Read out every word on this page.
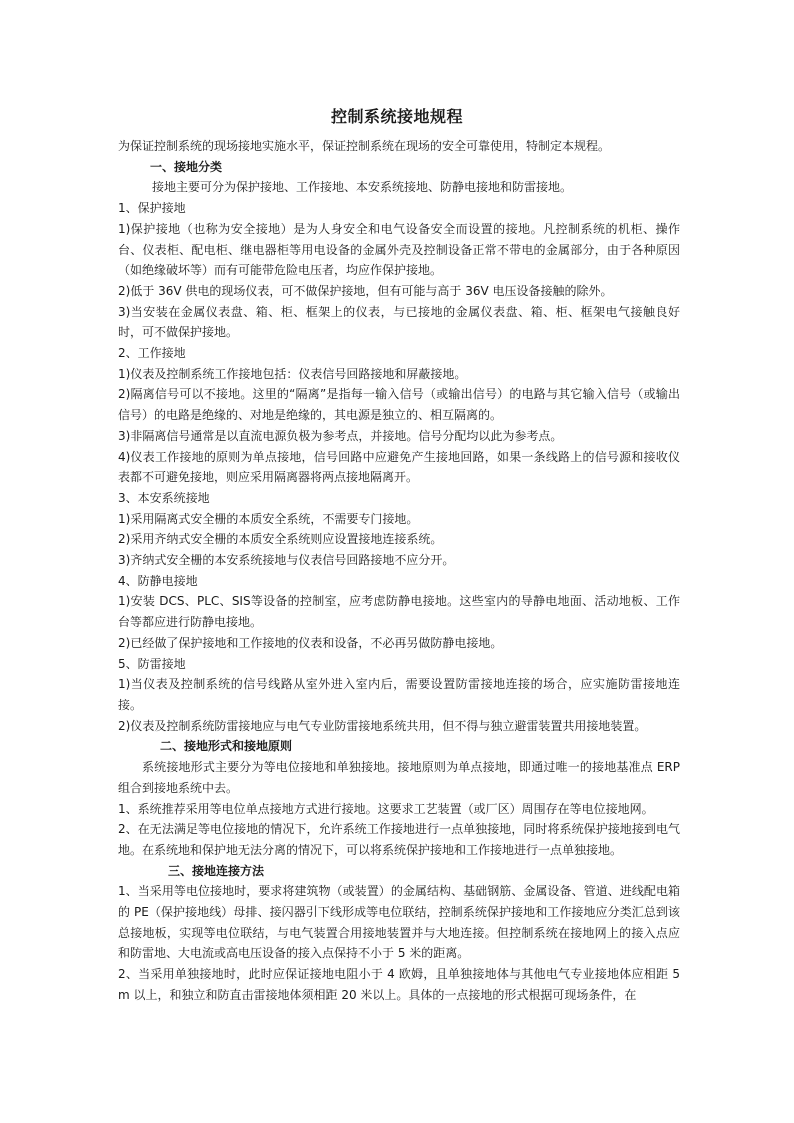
控制系统接地规程

为保证控制系统的现场接地实施水平，保证控制系统在现场的安全可靠使用，特制定本规程。

一、接地分类

接地主要可分为保护接地、工作接地、本安系统接地、防静电接地和防雷接地。

1、保护接地

1)保护接地（也称为安全接地）是为人身安全和电气设备安全而设置的接地。凡控制系统的机柜、操作台、仪表柜、配电柜、继电器柜等用电设备的金属外壳及控制设备正常不带电的金属部分，由于各种原因（如绝缘破坏等）而有可能带危险电压者，均应作保护接地。

2)低于 36V 供电的现场仪表，可不做保护接地，但有可能与高于 36V 电压设备接触的除外。

3)当安装在金属仪表盘、箱、柜、框架上的仪表，与已接地的金属仪表盘、箱、柜、框架电气接触良好时，可不做保护接地。

2、工作接地

1)仪表及控制系统工作接地包括：仪表信号回路接地和屏蔽接地。

2)隔离信号可以不接地。这里的“隔离”是指每一输入信号（或输出信号）的电路与其它输入信号（或输出信号）的电路是绝缘的、对地是绝缘的，其电源是独立的、相互隔离的。

3)非隔离信号通常是以直流电源负极为参考点，并接地。信号分配均以此为参考点。

4)仪表工作接地的原则为单点接地，信号回路中应避免产生接地回路，如果一条线路上的信号源和接收仪表都不可避免接地，则应采用隔离器将两点接地隔离开。

3、本安系统接地

1)采用隔离式安全栅的本质安全系统，不需要专门接地。

2)采用齐纳式安全栅的本质安全系统则应设置接地连接系统。

3)齐纳式安全栅的本安系统接地与仪表信号回路接地不应分开。

4、防静电接地

1)安装 DCS、PLC、SIS等设备的控制室，应考虑防静电接地。这些室内的导静电地面、活动地板、工作台等都应进行防静电接地。

2)已经做了保护接地和工作接地的仪表和设备，不必再另做防静电接地。

5、防雷接地

1)当仪表及控制系统的信号线路从室外进入室内后，需要设置防雷接地连接的场合，应实施防雷接地连接。

2)仪表及控制系统防雷接地应与电气专业防雷接地系统共用，但不得与独立避雷装置共用接地装置。

二、接地形式和接地原则

系统接地形式主要分为等电位接地和单独接地。接地原则为单点接地，即通过唯一的接地基准点 ERP 组合到接地系统中去。

1、系统推荐采用等电位单点接地方式进行接地。这要求工艺装置（或厂区）周围存在等电位接地网。

2、在无法满足等电位接地的情况下，允许系统工作接地进行一点单独接地，同时将系统保护接地接到电气地。在系统地和保护地无法分离的情况下，可以将系统保护接地和工作接地进行一点单独接地。

三、接地连接方法

1、当采用等电位接地时，要求将建筑物（或装置）的金属结构、基础钢筋、金属设备、管道、进线配电箱的 PE（保护接地线）母排、接闪器引下线形成等电位联结，控制系统保护接地和工作接地应分类汇总到该总接地板，实现等电位联结，与电气装置合用接地装置并与大地连接。但控制系统在接地网上的接入点应和防雷地、大电流或高电压设备的接入点保持不小于 5 米的距离。

2、当采用单独接地时，此时应保证接地电阻小于 4 欧姆，且单独接地体与其他电气专业接地体应相距 5m 以上，和独立和防直击雷接地体须相距 20 米以上。具体的一点接地的形式根据可现场条件，在
